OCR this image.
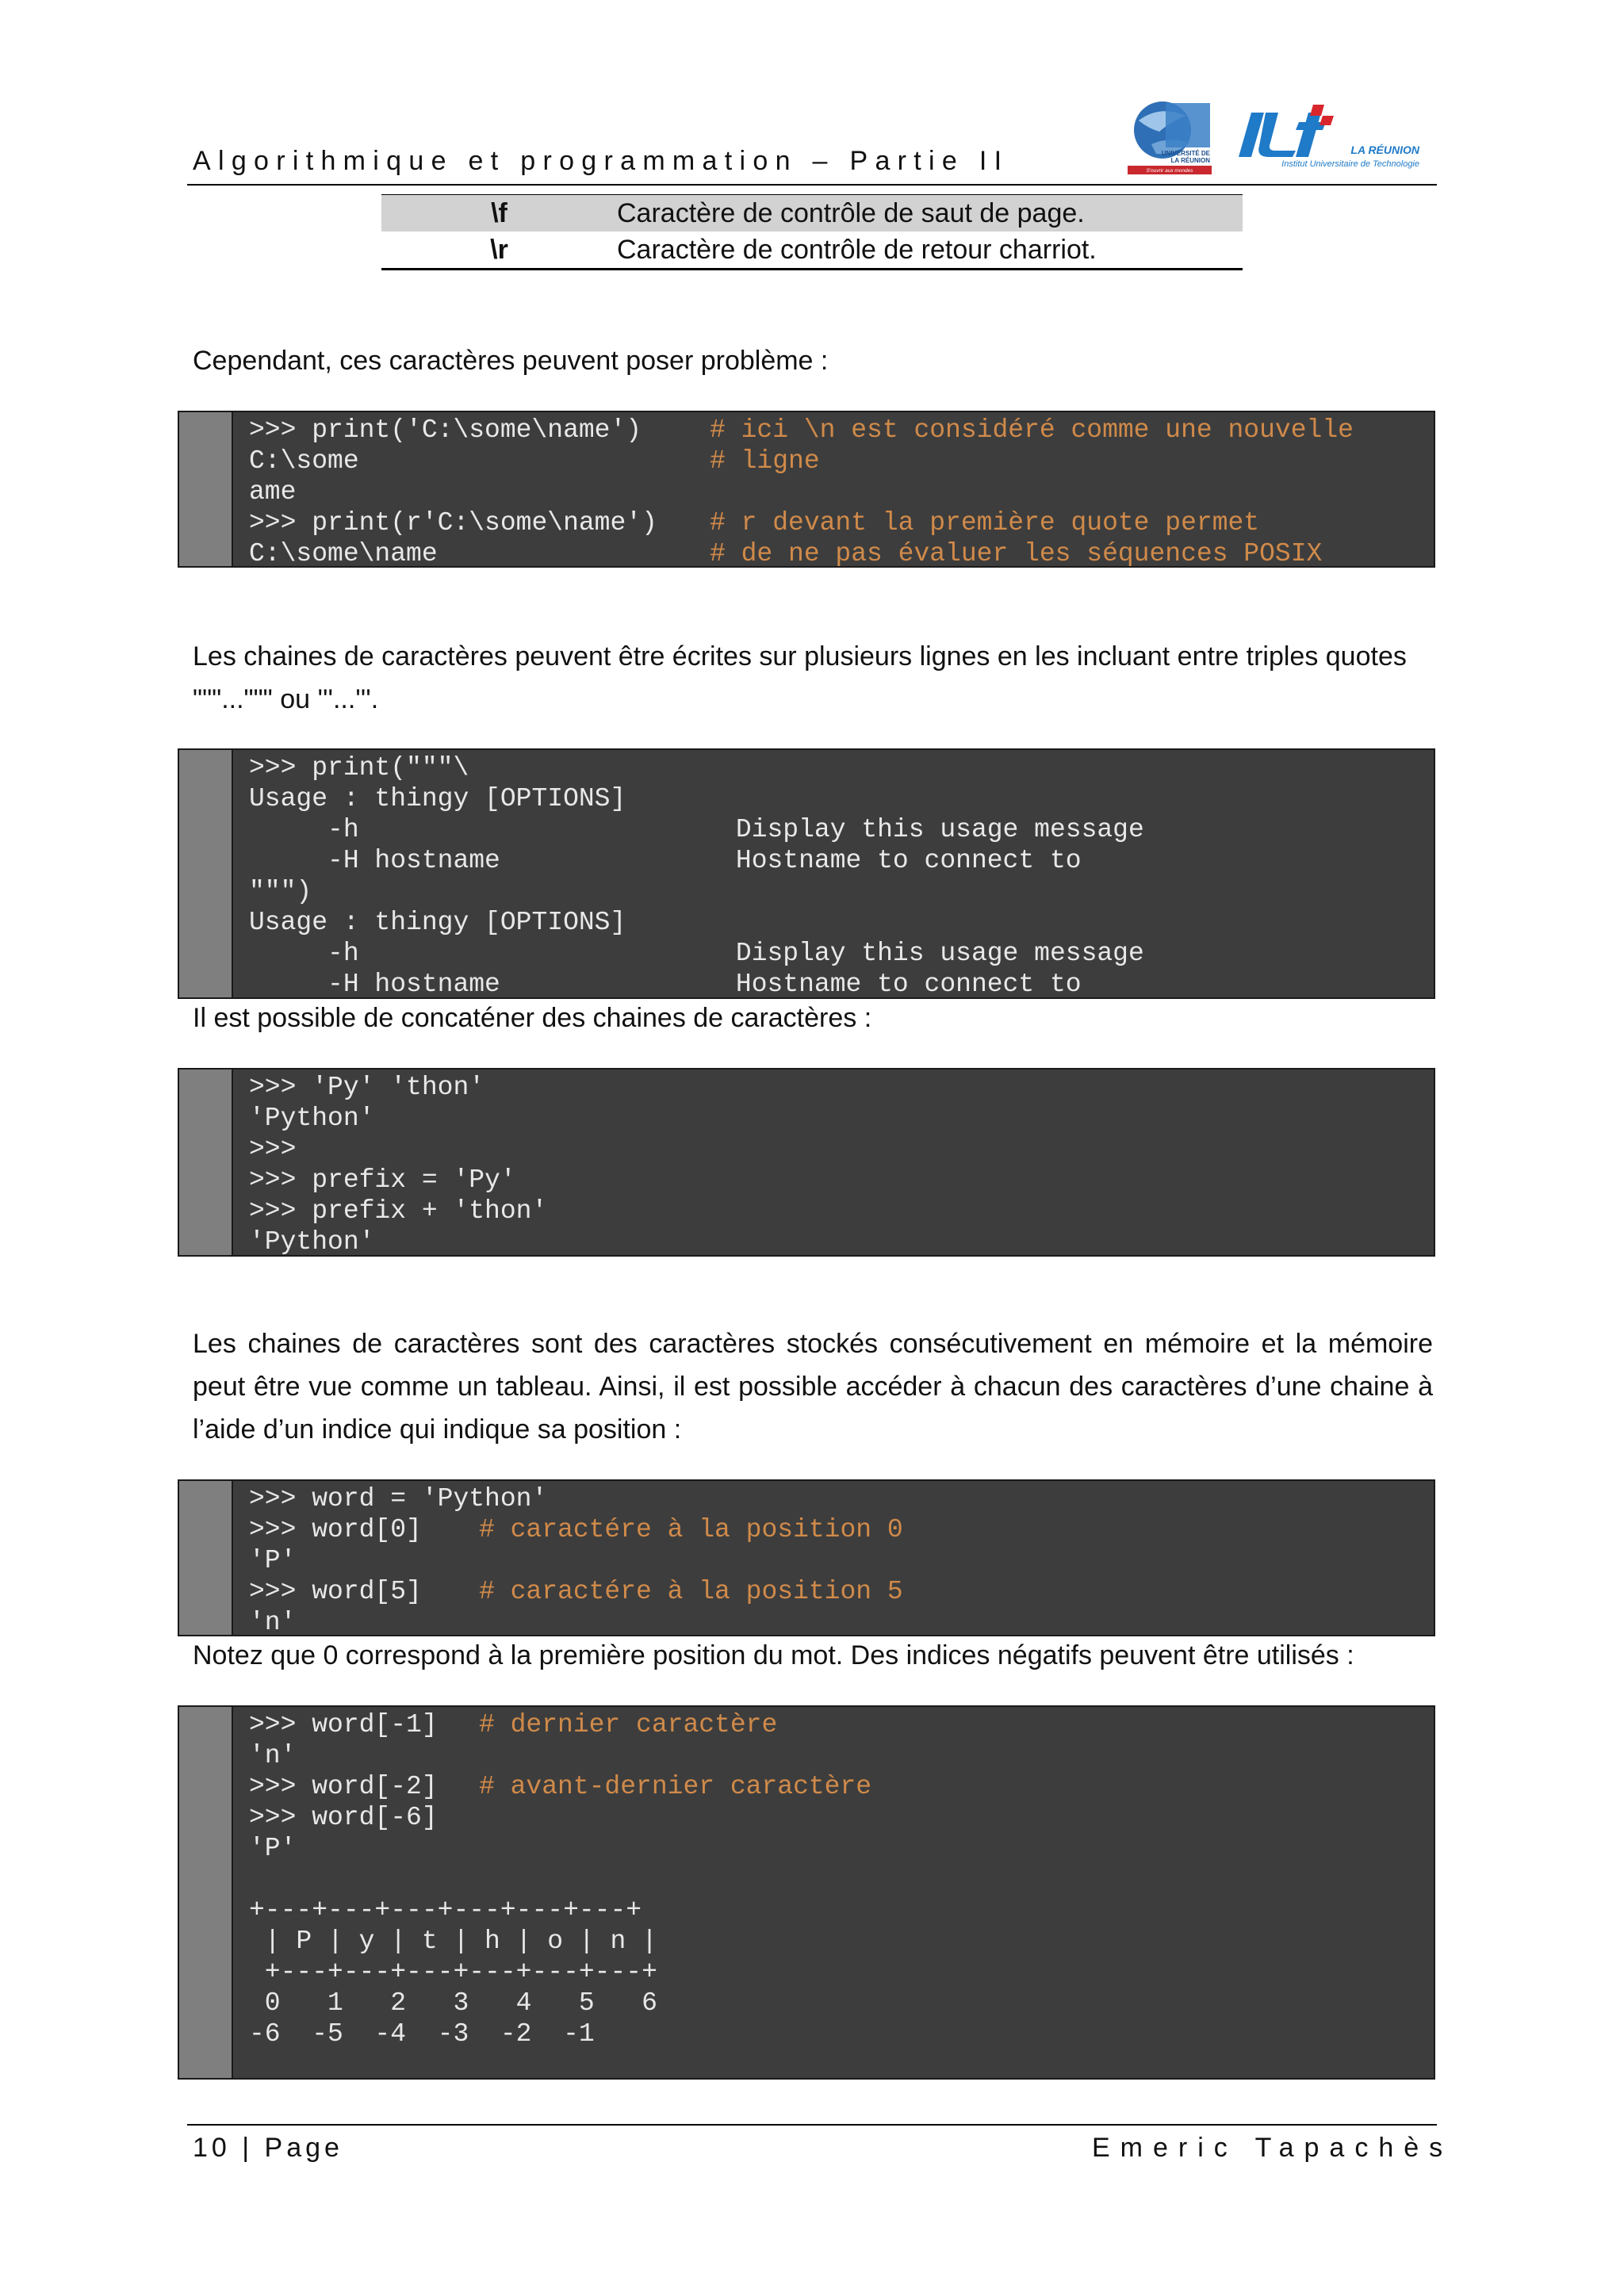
Algorithmique et programmation – Partie II	UNIVERSITÉ DE
LA RÉUNION
S'ouvrir aux mondes
LA RÉUNION
Institut Universitaire de Technologie
\f	Caractère de contrôle de saut de page.
\r	Caractère de contrôle de retour charriot.
Cependant, ces caractères peuvent poser problème :
>>> print('C:\some\name')	# ici \n est considéré comme une nouvelle
C:\some	# ligne
ame
>>> print(r'C:\some\name') # r devant la première quote permet
C:\some\name	# de ne pas évaluer les séquences POSIX
Les chaines de caractères peuvent être écrites sur plusieurs lignes en les incluant entre triples quotes
"""...""" ou '''...'''.
>>> print("""\
Usage : thingy [OPTIONS]
-h                        Display this usage message
-H hostname               Hostname to connect to
""")
Usage : thingy [OPTIONS]
-h                        Display this usage message
-H hostname               Hostname to connect to
Il est possible de concaténer des chaines de caractères :
>>> 'Py' 'thon'
'Python'
>>>
>>> prefix = 'Py'
>>> prefix + 'thon'
'Python'
Les chaines de caractères sont des caractères stockés consécutivement en mémoire et la mémoire peut être vue comme un tableau. Ainsi, il est possible accéder à chacun des caractères d’une chaine à l’aide d’un indice qui indique sa position :
>>> word = 'Python'
>>> word[0] # caractére à la position 0
'P'
>>> word[5] # caractére à la position 5
'n'
Notez que 0 correspond à la première position du mot. Des indices négatifs peuvent être utilisés :
>>> word[-1] # dernier caractère
'n'
>>> word[-2] # avant-dernier caractère
>>> word[-6]
'P'
+---+---+---+---+---+---+
| P | y | t | h | o | n |
+---+---+---+---+---+---+
0   1   2   3   4   5   6
-6  -5  -4  -3  -2  -1
10 | Page	Emeric Tapachès
